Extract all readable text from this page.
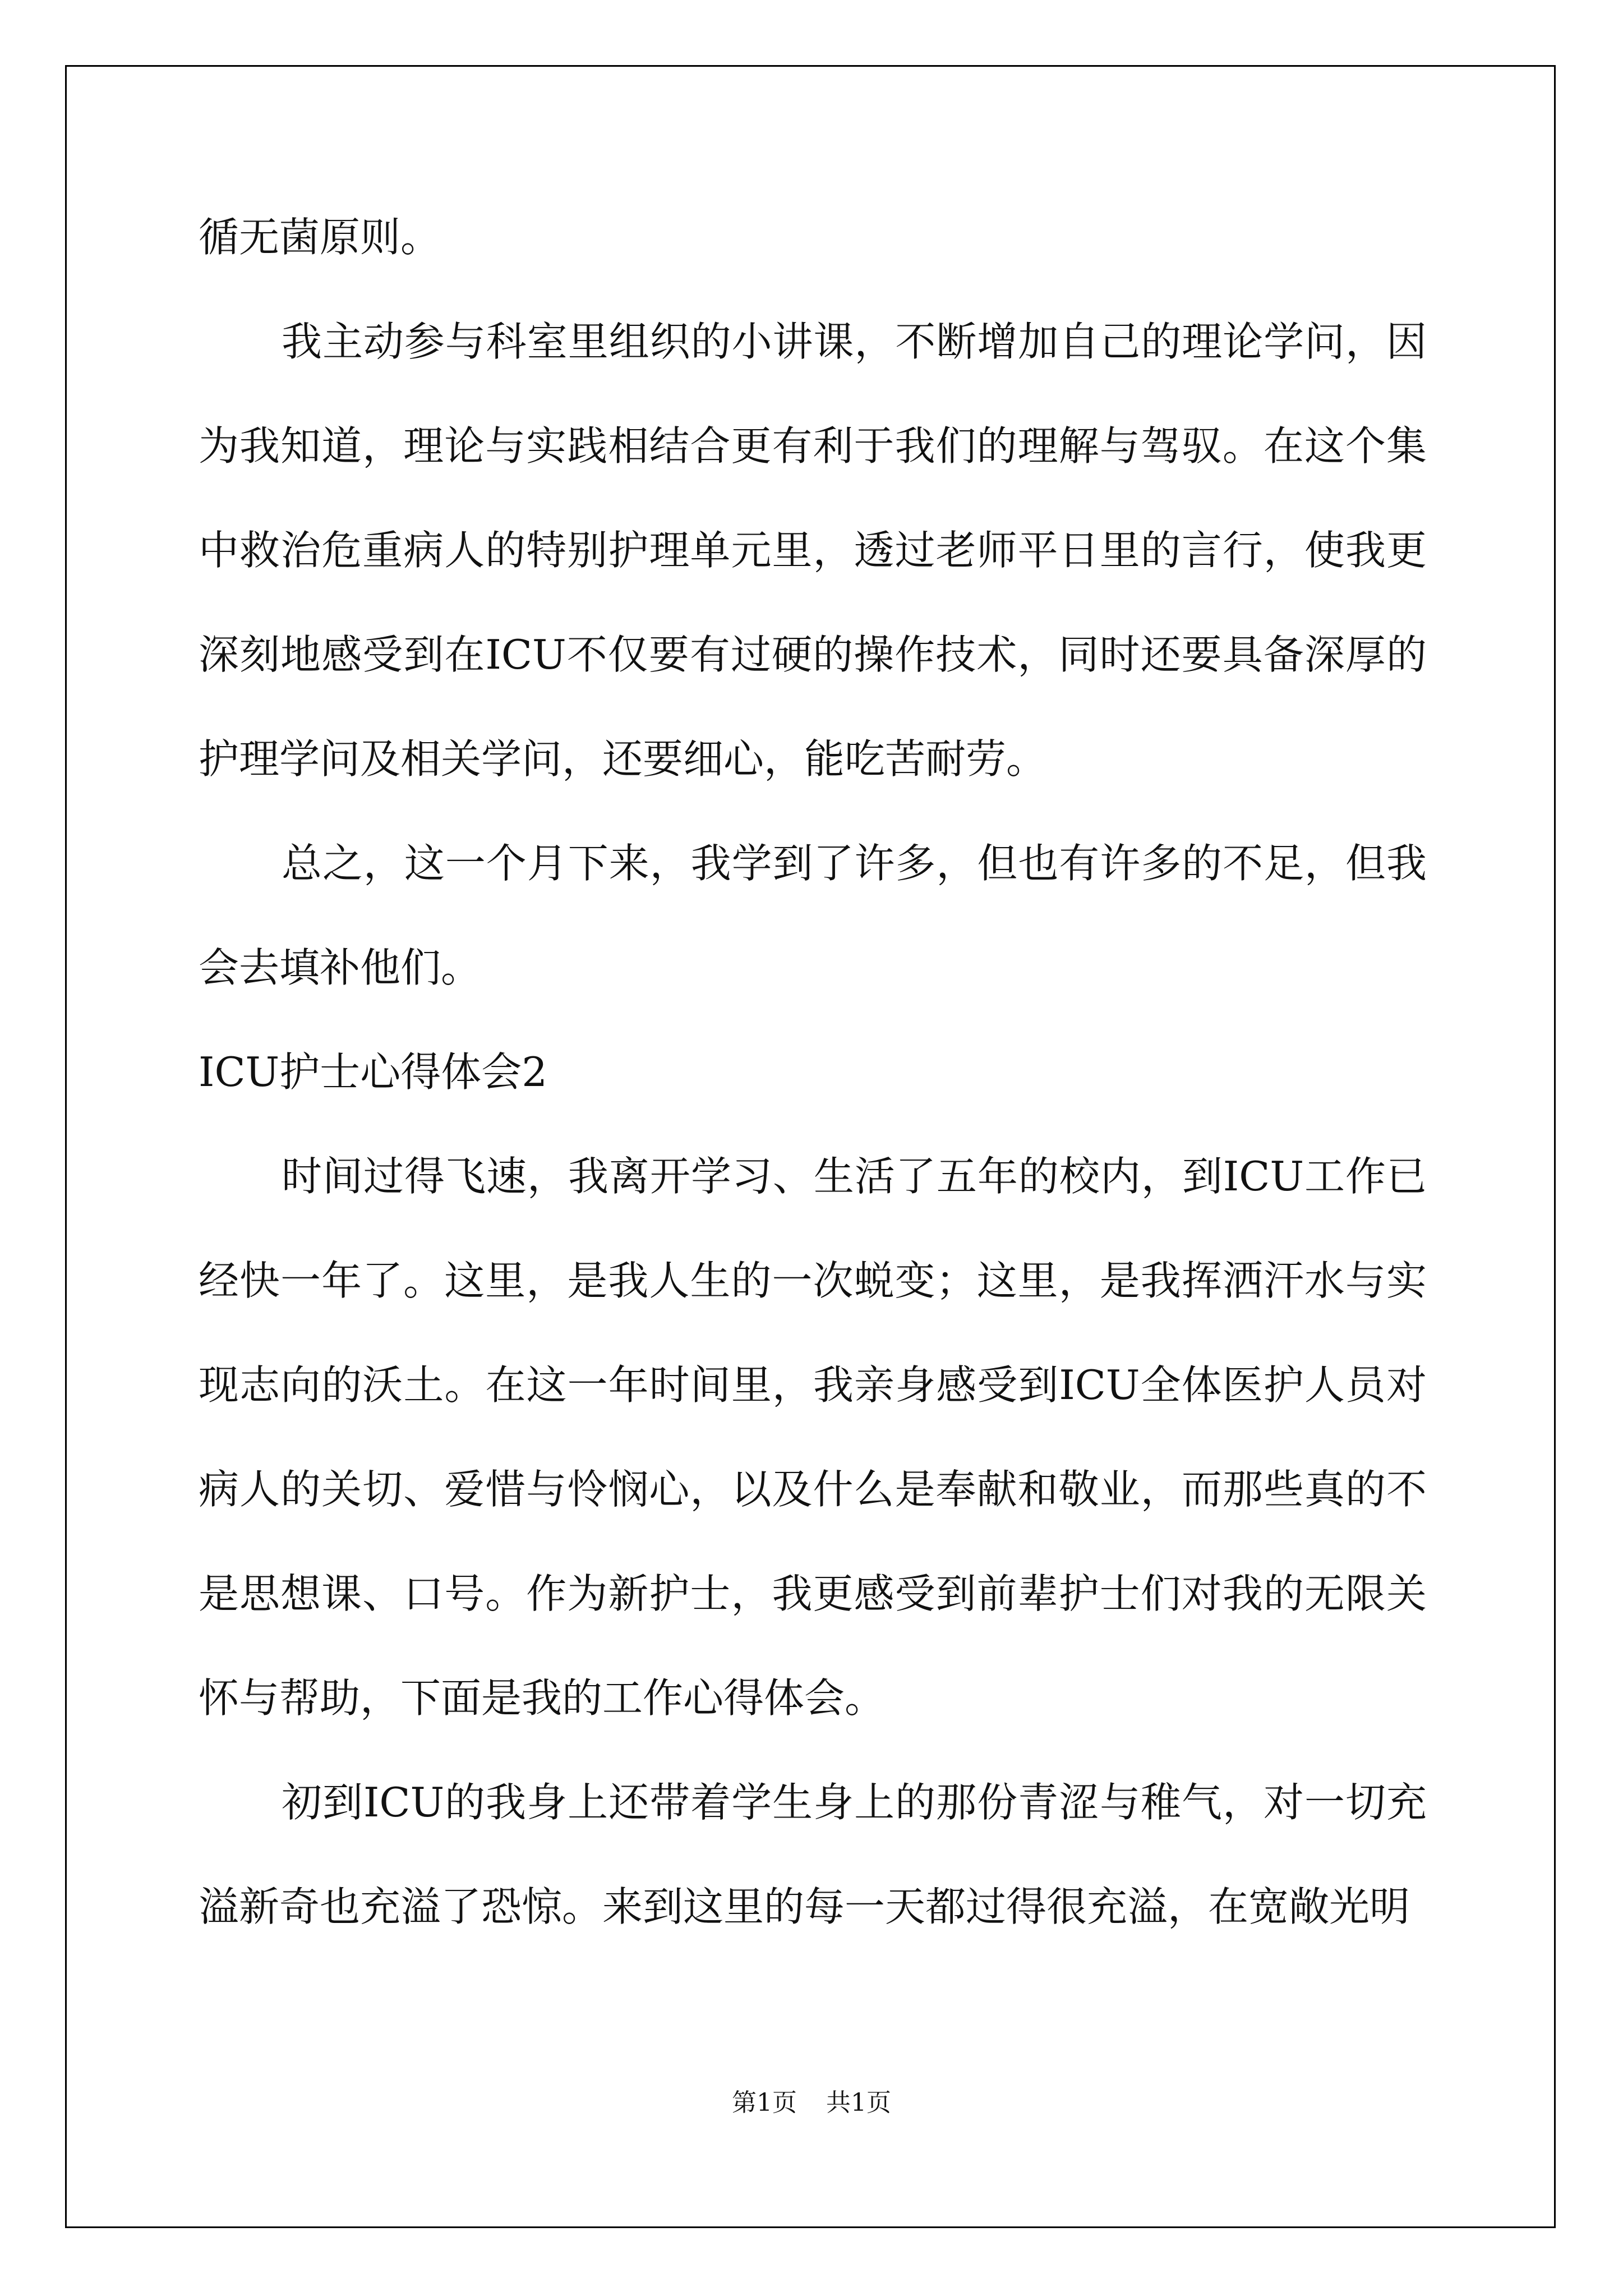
循无菌原则。

我主动参与科室里组织的小讲课，不断增加自己的理论学问，因为我知道，理论与实践相结合更有利于我们的理解与驾驭。在这个集中救治危重病人的特别护理单元里，透过老师平日里的言行，使我更深刻地感受到在ICU不仅要有过硬的操作技术，同时还要具备深厚的护理学问及相关学问，还要细心，能吃苦耐劳。

总之，这一个月下来，我学到了许多，但也有许多的不足，但我会去填补他们。

ICU护士心得体会2

时间过得飞速，我离开学习、生活了五年的校内，到ICU工作已经快一年了。这里，是我人生的一次蜕变；这里，是我挥洒汗水与实现志向的沃土。在这一年时间里，我亲身感受到ICU全体医护人员对病人的关切、爱惜与怜悯心，以及什么是奉献和敬业，而那些真的不是思想课、口号。作为新护士，我更感受到前辈护士们对我的无限关怀与帮助，下面是我的工作心得体会。

初到ICU的我身上还带着学生身上的那份青涩与稚气，对一切充溢新奇也充溢了恐惊。来到这里的每一天都过得很充溢，在宽敞光明

第1页 共1页
